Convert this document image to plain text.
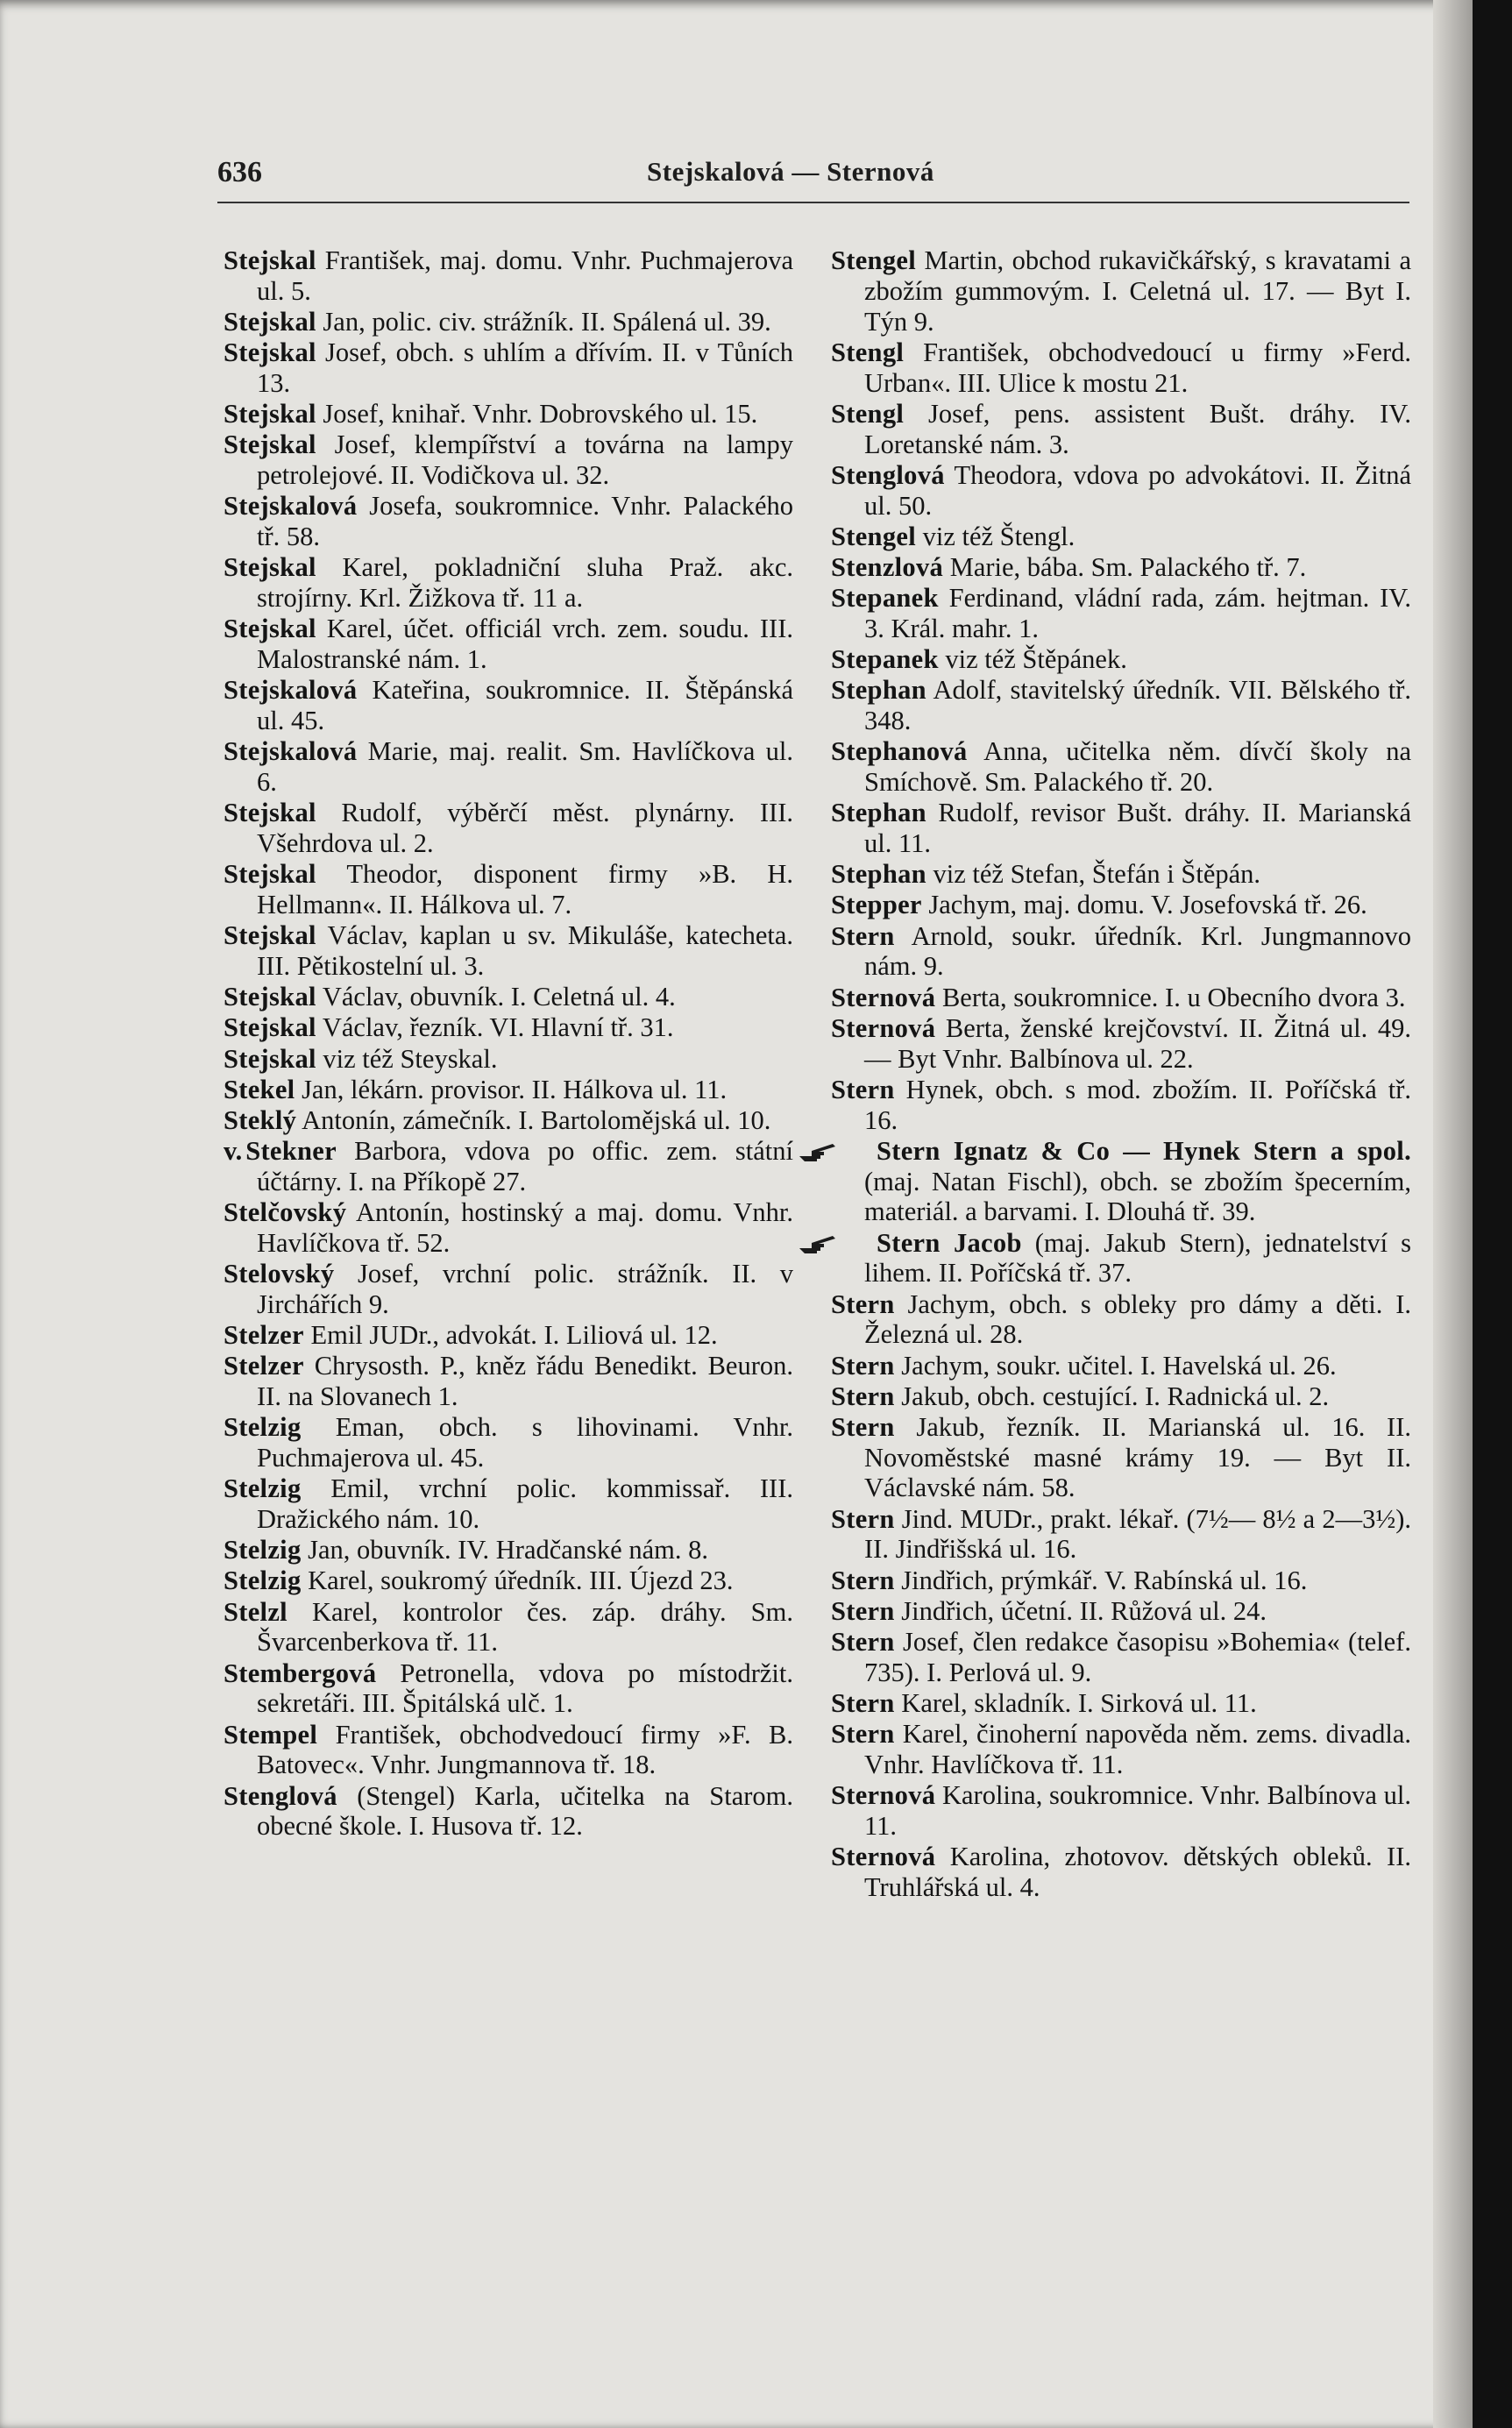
636	Stejskalová — Sternová

Stejskal František, maj. domu. Vnhr. Puchmajerova ul. 5.

Stejskal Jan, polic. civ. strážník. II. Spálená ul. 39.

Stejskal Josef, obch. s uhlím a dřívím. II. v Tůních 13.

Stejskal Josef, knihař. Vnhr. Dobrovského ul. 15.

Stejskal Josef, klempířství a továrna na lampy petrolejové. II. Vodičkova ul. 32.

Stejskalová Josefa, soukromnice. Vnhr. Palackého tř. 58.

Stejskal Karel, pokladniční sluha Praž. akc. strojírny. Krl. Žižkova tř. 11 a.

Stejskal Karel, účet. officiál vrch. zem. soudu. III. Malostranské nám. 1.

Stejskalová Kateřina, soukromnice. II. Štěpánská ul. 45.

Stejskalová Marie, maj. realit. Sm. Havlíčkova ul. 6.

Stejskal Rudolf, výběrčí měst. plynárny. III. Všehrdova ul. 2.

Stejskal Theodor, disponent firmy »B. H. Hellmann«. II. Hálkova ul. 7.

Stejskal Václav, kaplan u sv. Mikuláše, katecheta. III. Pětikostelní ul. 3.

Stejskal Václav, obuvník. I. Celetná ul. 4.

Stejskal Václav, řezník. VI. Hlavní tř. 31.

Stejskal viz též Steyskal.

Stekel Jan, lékárn. provisor. II. Hálkova ul. 11.

Steklý Antonín, zámečník. I. Bartolomějská ul. 10.

v. Stekner Barbora, vdova po offic. zem. státní účtárny. I. na Příkopě 27.

Stelčovský Antonín, hostinský a maj. domu. Vnhr. Havlíčkova tř. 52.

Stelovský Josef, vrchní polic. strážník. II. v Jirchářích 9.

Stelzer Emil JUDr., advokát. I. Liliová ul. 12.

Stelzer Chrysosth. P., kněz řádu Benedikt. Beuron. II. na Slovanech 1.

Stelzig Eman, obch. s lihovinami. Vnhr. Puchmajerova ul. 45.

Stelzig Emil, vrchní polic. kommissař. III. Dražického nám. 10.

Stelzig Jan, obuvník. IV. Hradčanské nám. 8.

Stelzig Karel, soukromý úředník. III. Újezd 23.

Stelzl Karel, kontrolor čes. záp. dráhy. Sm. Švarcenberkova tř. 11.

Stembergová Petronella, vdova po místodržit. sekretáři. III. Špitálská ulč. 1.

Stempel František, obchodvedoucí firmy »F. B. Batovec«. Vnhr. Jungmannova tř. 18.

Stenglová (Stengel) Karla, učitelka na Starom. obecné škole. I. Husova tř. 12.

Stengel Martin, obchod rukavičkářský, s kravatami a zbožím gummovým. I. Celetná ul. 17. — Byt I. Týn 9.

Stengl František, obchodvedoucí u firmy »Ferd. Urban«. III. Ulice k mostu 21.

Stengl Josef, pens. assistent Bušt. dráhy. IV. Loretanské nám. 3.

Stenglová Theodora, vdova po advokátovi. II. Žitná ul. 50.

Stengel viz též Štengl.

Stenzlová Marie, bába. Sm. Palackého tř. 7.

Stepanek Ferdinand, vládní rada, zám. hejtman. IV. 3. Král. mahr. 1.

Stepanek viz též Štěpánek.

Stephan Adolf, stavitelský úředník. VII. Bělského tř. 348.

Stephanová Anna, učitelka něm. dívčí školy na Smíchově. Sm. Palackého tř. 20.

Stephan Rudolf, revisor Bušt. dráhy. II. Marianská ul. 11.

Stephan viz též Stefan, Štefán i Štěpán.

Stepper Jachym, maj. domu. V. Josefovská tř. 26.

Stern Arnold, soukr. úředník. Krl. Jungmannovo nám. 9.

Sternová Berta, soukromnice. I. u Obecního dvora 3.

Sternová Berta, ženské krejčovství. II. Žitná ul. 49. — Byt Vnhr. Balbínova ul. 22.

Stern Hynek, obch. s mod. zbožím. II. Poříčská tř. 16.

Stern Ignatz & Co — Hynek Stern a spol. (maj. Natan Fischl), obch. se zbožím špecerním, materiál. a barvami. I. Dlouhá tř. 39.

Stern Jacob (maj. Jakub Stern), jednatelství s lihem. II. Poříčská tř. 37.

Stern Jachym, obch. s obleky pro dámy a děti. I. Železná ul. 28.

Stern Jachym, soukr. učitel. I. Havelská ul. 26.

Stern Jakub, obch. cestující. I. Radnická ul. 2.

Stern Jakub, řezník. II. Marianská ul. 16. II. Novoměstské masné krámy 19. — Byt II. Václavské nám. 58.

Stern Jind. MUDr., prakt. lékař. (7½— 8½ a 2—3½). II. Jindřišská ul. 16.

Stern Jindřich, prýmkář. V. Rabínská ul. 16.

Stern Jindřich, účetní. II. Růžová ul. 24.

Stern Josef, člen redakce časopisu »Bohemia« (telef. 735). I. Perlová ul. 9.

Stern Karel, skladník. I. Sirková ul. 11.

Stern Karel, činoherní napověda něm. zems. divadla. Vnhr. Havlíčkova tř. 11.

Sternová Karolina, soukromnice. Vnhr. Balbínova ul. 11.

Sternová Karolina, zhotovov. dětských obleků. II. Truhlářská ul. 4.
